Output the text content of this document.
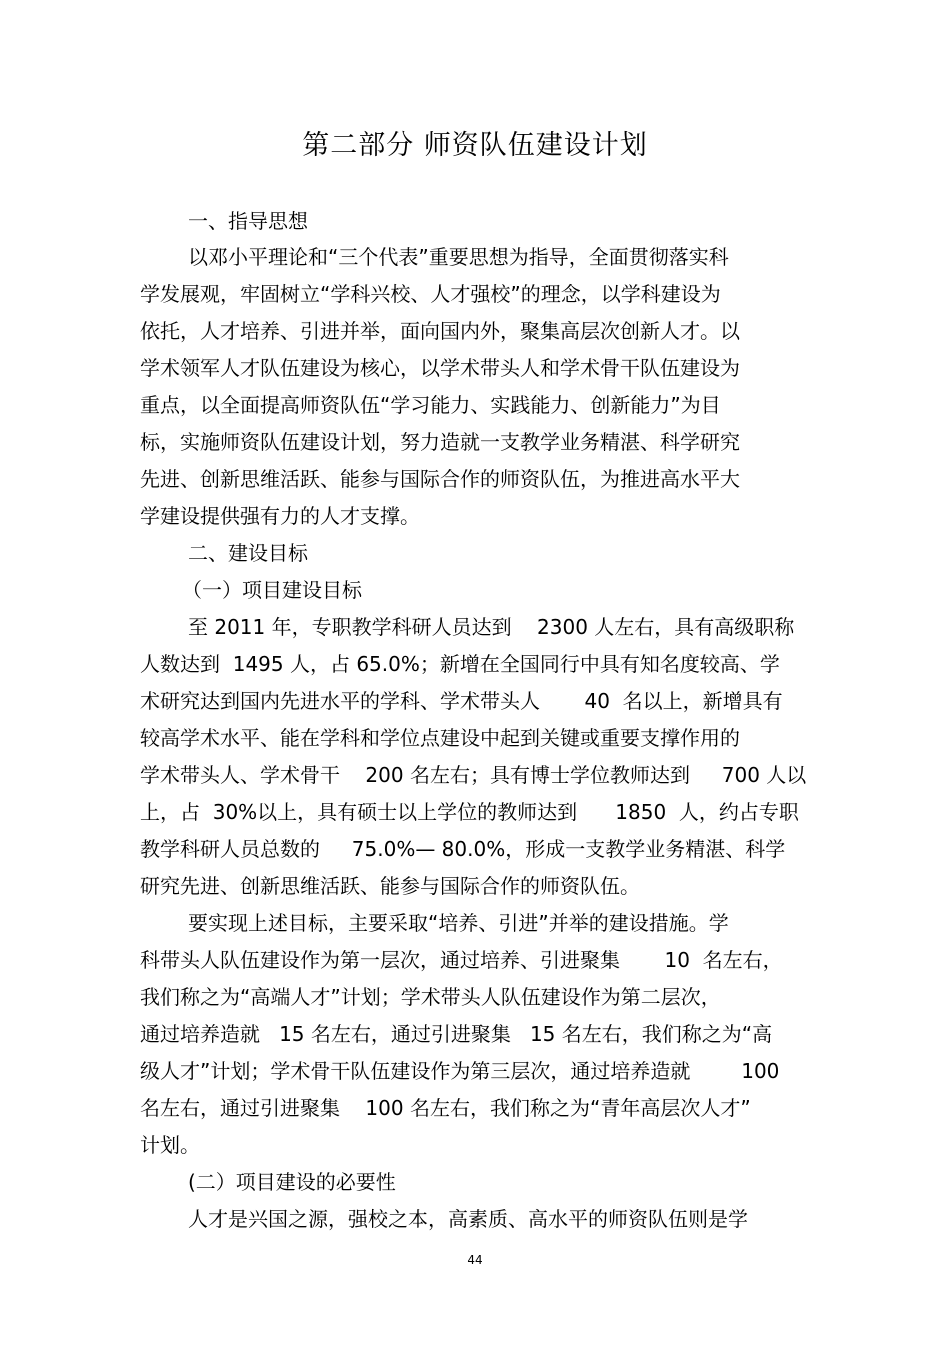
第二部分 师资队伍建设计划
一、指导思想
以邓小平理论和“三个代表”重要思想为指导，全面贯彻落实科
学发展观，牢固树立“学科兴校、人才强校”的理念，以学科建设为
依托，人才培养、引进并举，面向国内外，聚集高层次创新人才。以
学术领军人才队伍建设为核心，以学术带头人和学术骨干队伍建设为
重点，以全面提高师资队伍“学习能力、实践能力、创新能力”为目
标，实施师资队伍建设计划，努力造就一支教学业务精湛、科学研究
先进、创新思维活跃、能参与国际合作的师资队伍，为推进高水平大
学建设提供强有力的人才支撑。
二、建设目标
（一）项目建设目标
至 2011 年，专职教学科研人员达到    2300 人左右，具有高级职称
人数达到  1495 人，占 65.0%；新增在全国同行中具有知名度较高、学
术研究达到国内先进水平的学科、学术带头人       40  名以上，新增具有
较高学术水平、能在学科和学位点建设中起到关键或重要支撑作用的
学术带头人、学术骨干    200 名左右；具有博士学位教师达到     700 人以
上，占  30%以上，具有硕士以上学位的教师达到      1850  人，约占专职
教学科研人员总数的     75.0%— 80.0%，形成一支教学业务精湛、科学
研究先进、创新思维活跃、能参与国际合作的师资队伍。
要实现上述目标，主要采取“培养、引进”并举的建设措施。学
科带头人队伍建设作为第一层次，通过培养、引进聚集       10  名左右，
我们称之为“高端人才”计划；学术带头人队伍建设作为第二层次，
通过培养造就   15 名左右，通过引进聚集   15 名左右，我们称之为“高
级人才”计划；学术骨干队伍建设作为第三层次，通过培养造就        100
名左右，通过引进聚集    100 名左右，我们称之为“青年高层次人才”
计划。
(二）项目建设的必要性
人才是兴国之源，强校之本，高素质、高水平的师资队伍则是学
44
